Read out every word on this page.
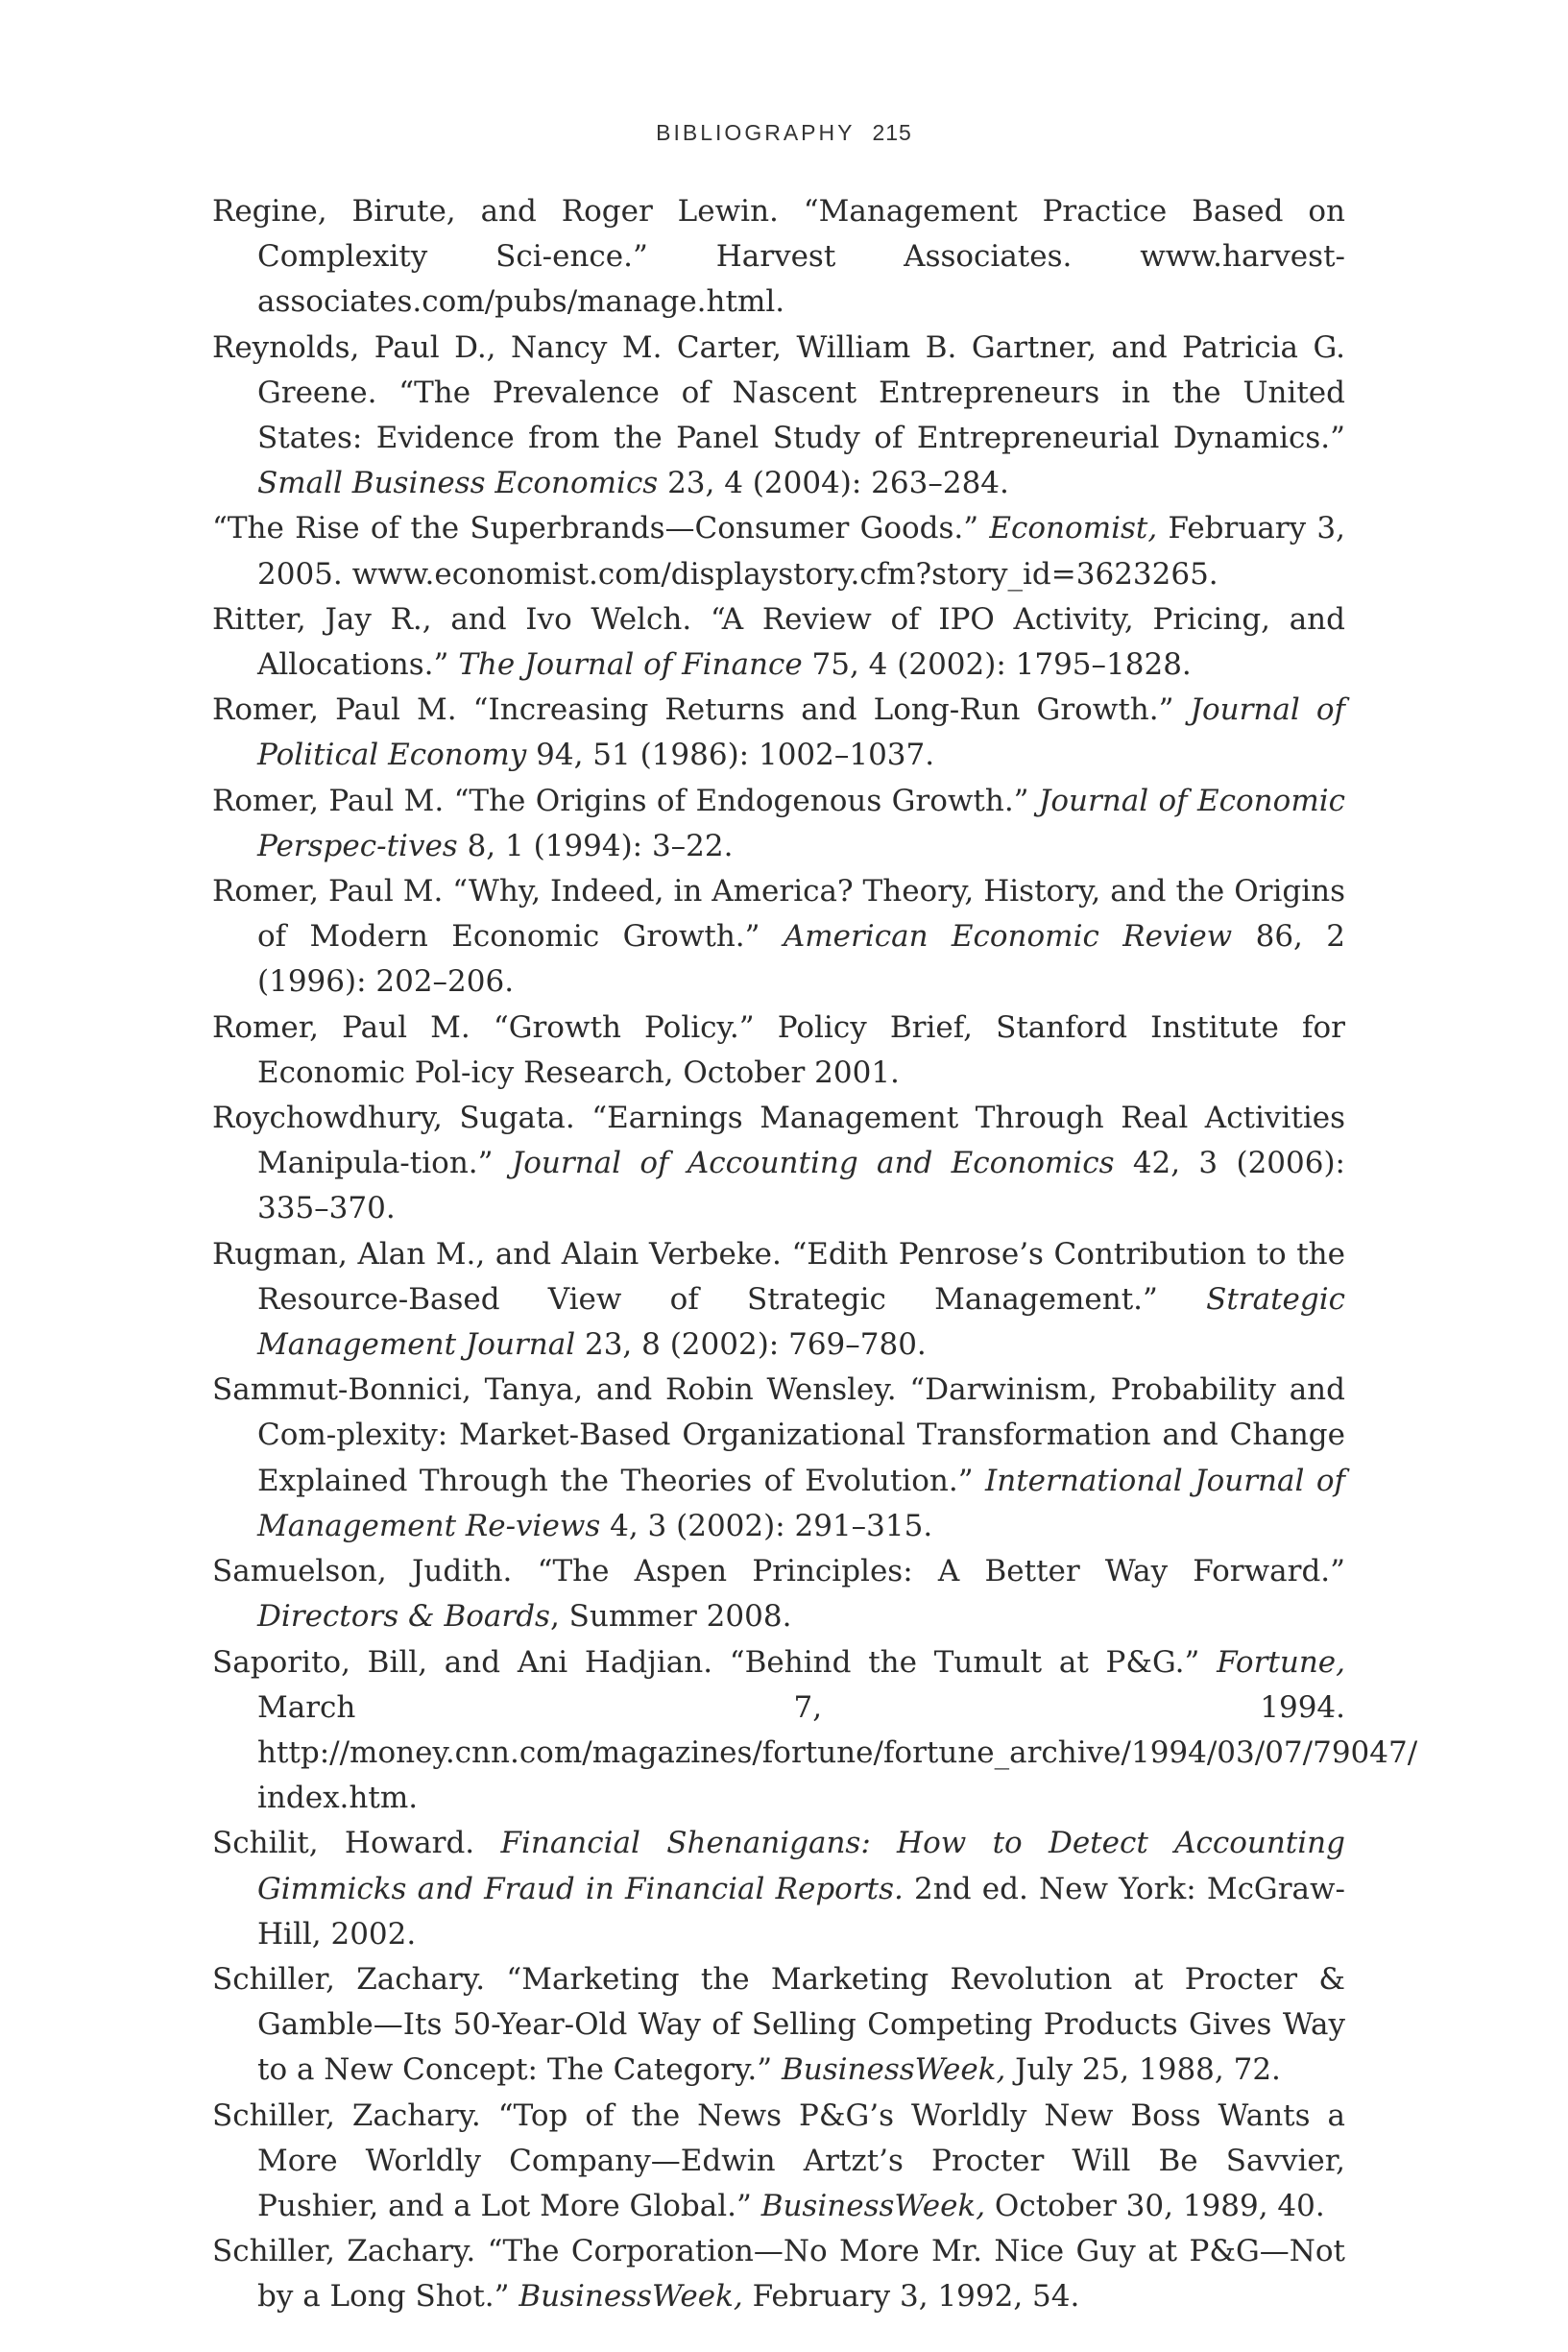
BIBLIOGRAPHY 215

Regine, Birute, and Roger Lewin. “Management Practice Based on Complexity Sci-ence.” Harvest Associates. www.harvest-associates.com/pubs/manage.html.

Reynolds, Paul D., Nancy M. Carter, William B. Gartner, and Patricia G. Greene. “The Prevalence of Nascent Entrepreneurs in the United States: Evidence from the Panel Study of Entrepreneurial Dynamics.” Small Business Economics 23, 4 (2004): 263–284.

“The Rise of the Superbrands—Consumer Goods.” Economist, February 3, 2005. www.economist.com/displaystory.cfm?story_id=3623265.

Ritter, Jay R., and Ivo Welch. “A Review of IPO Activity, Pricing, and Allocations.” The Journal of Finance 75, 4 (2002): 1795–1828.

Romer, Paul M. “Increasing Returns and Long-Run Growth.” Journal of Political Economy 94, 51 (1986): 1002–1037.

Romer, Paul M. “The Origins of Endogenous Growth.” Journal of Economic Perspec-tives 8, 1 (1994): 3–22.

Romer, Paul M. “Why, Indeed, in America? Theory, History, and the Origins of Modern Economic Growth.” American Economic Review 86, 2 (1996): 202–206.

Romer, Paul M. “Growth Policy.” Policy Brief, Stanford Institute for Economic Pol-icy Research, October 2001.

Roychowdhury, Sugata. “Earnings Management Through Real Activities Manipula-tion.” Journal of Accounting and Economics 42, 3 (2006): 335–370.

Rugman, Alan M., and Alain Verbeke. “Edith Penrose’s Contribution to the Resource-Based View of Strategic Management.” Strategic Management Journal 23, 8 (2002): 769–780.

Sammut-Bonnici, Tanya, and Robin Wensley. “Darwinism, Probability and Com-plexity: Market-Based Organizational Transformation and Change Explained Through the Theories of Evolution.” International Journal of Management Re-views 4, 3 (2002): 291–315.

Samuelson, Judith. “The Aspen Principles: A Better Way Forward.” Directors & Boards, Summer 2008.

Saporito, Bill, and Ani Hadjian. “Behind the Tumult at P&G.” Fortune, March 7, 1994. http://money.cnn.com/magazines/fortune/fortune_archive/1994/03/07/79047/ index.htm.

Schilit, Howard. Financial Shenanigans: How to Detect Accounting Gimmicks and Fraud in Financial Reports. 2nd ed. New York: McGraw-Hill, 2002.

Schiller, Zachary. “Marketing the Marketing Revolution at Procter & Gamble—Its 50-Year-Old Way of Selling Competing Products Gives Way to a New Concept: The Category.” BusinessWeek, July 25, 1988, 72.

Schiller, Zachary. “Top of the News P&G’s Worldly New Boss Wants a More Worldly Company—Edwin Artzt’s Procter Will Be Savvier, Pushier, and a Lot More Global.” BusinessWeek, October 30, 1989, 40.

Schiller, Zachary. “The Corporation—No More Mr. Nice Guy at P&G—Not by a Long Shot.” BusinessWeek, February 3, 1992, 54.
